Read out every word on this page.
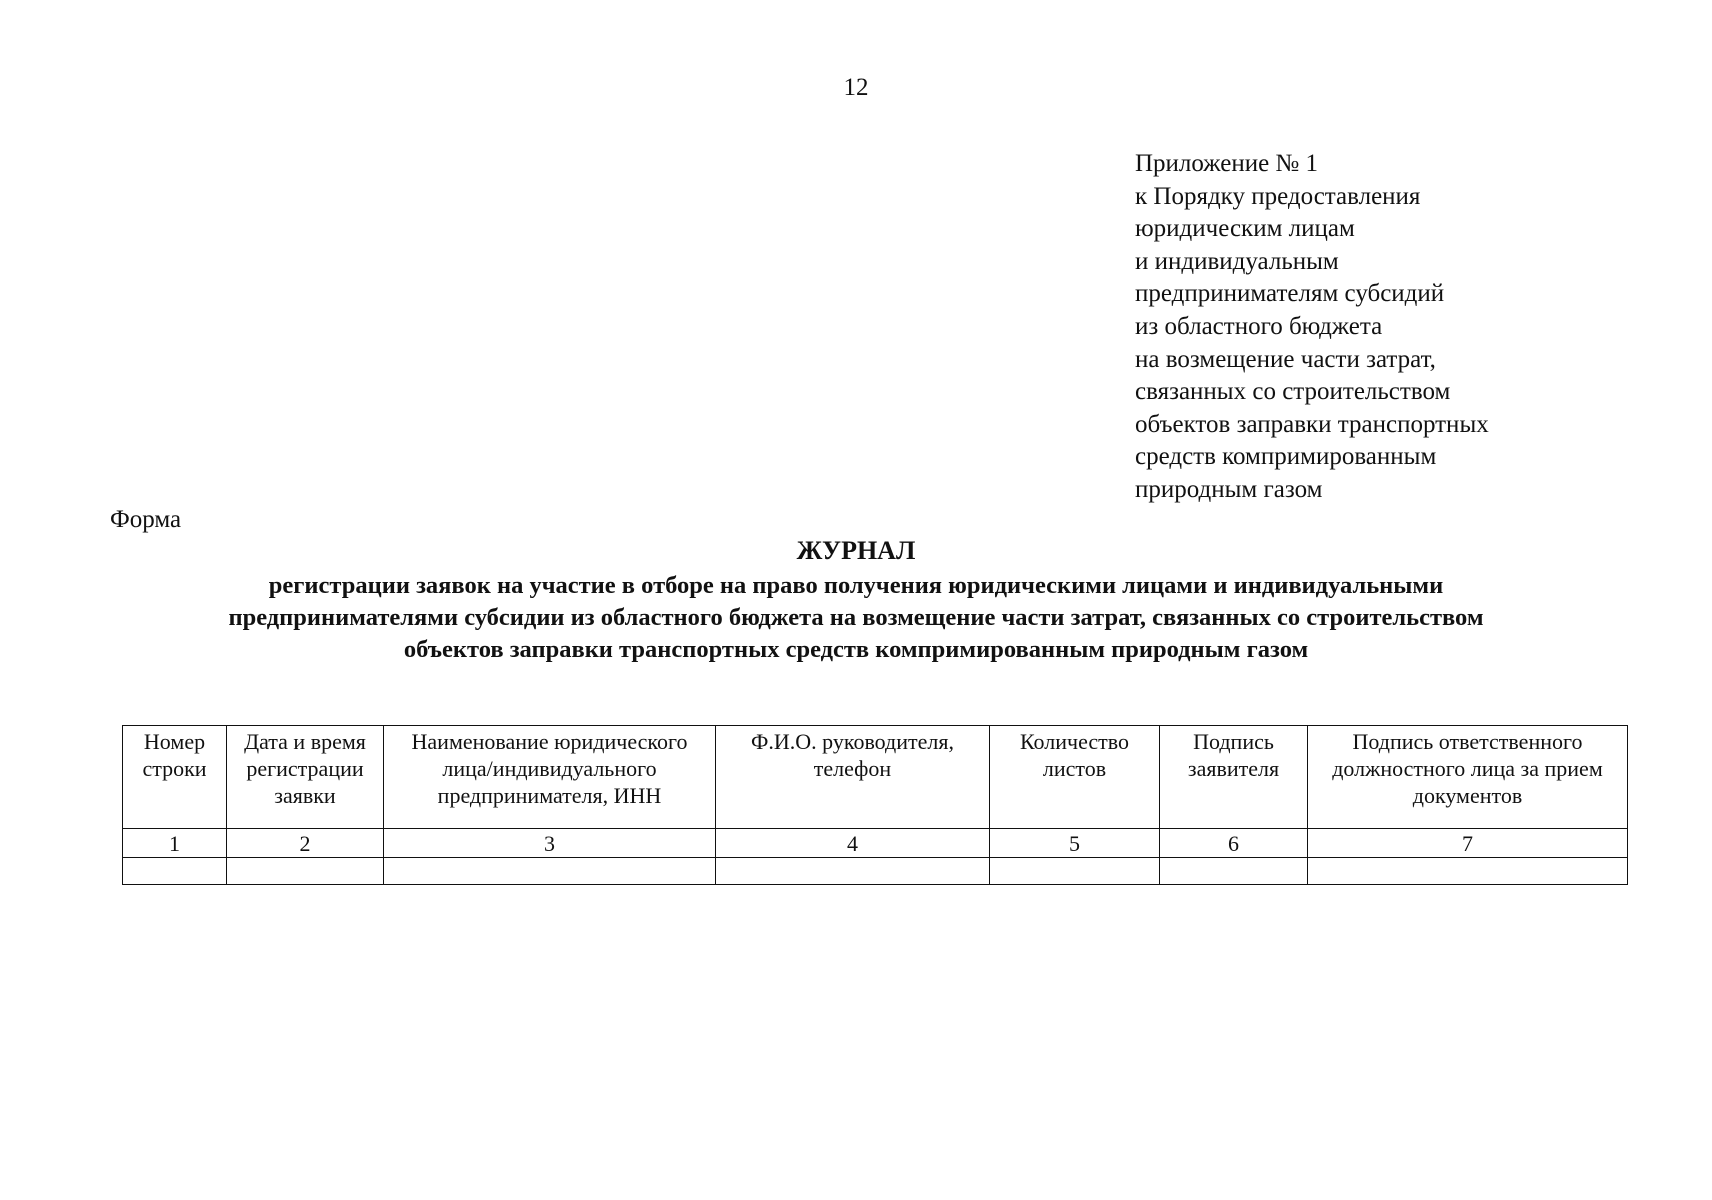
12
Приложение № 1
к Порядку предоставления
юридическим лицам
и индивидуальным
предпринимателям субсидий
из областного бюджета
на возмещение части затрат,
связанных со строительством
объектов заправки транспортных
средств компримированным
природным газом
Форма
ЖУРНАЛ
регистрации заявок на участие в отборе на право получения юридическими лицами и индивидуальными
предпринимателями субсидии из областного бюджета на возмещение части затрат, связанных со строительством
объектов заправки транспортных средств компримированным природным газом
Номер строки	Дата и время регистрации заявки	Наименование юридического лица/индивидуального предпринимателя, ИНН	Ф.И.О. руководителя, телефон	Количество листов	Подпись заявителя	Подпись ответственного должностного лица за прием документов
1	2	3	4	5	6	7
